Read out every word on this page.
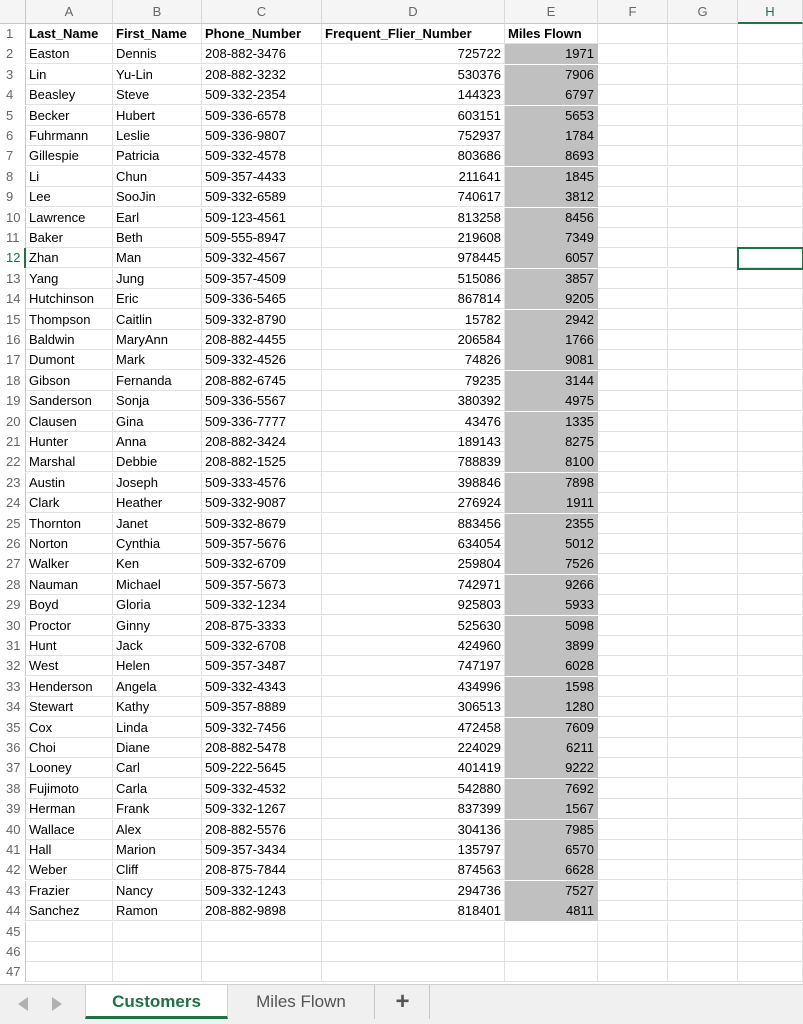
A	B	C	D	E	F	G	H
1	Last_Name	First_Name	Phone_Number	Frequent_Flier_Number	Miles Flown
2	Easton	Dennis	208-882-3476	725722	1971
3	Lin	Yu-Lin	208-882-3232	530376	7906
4	Beasley	Steve	509-332-2354	144323	6797
5	Becker	Hubert	509-336-6578	603151	5653
6	Fuhrmann	Leslie	509-336-9807	752937	1784
7	Gillespie	Patricia	509-332-4578	803686	8693
8	Li	Chun	509-357-4433	211641	1845
9	Lee	SooJin	509-332-6589	740617	3812
10 Lawrence	Earl	509-123-4561	813258	8456
11 Baker	Beth	509-555-8947	219608	7349
12 Zhan	Man	509-332-4567	978445	6057
13 Yang	Jung	509-357-4509	515086	3857
14 Hutchinson	Eric	509-336-5465	867814	9205
15 Thompson	Caitlin	509-332-8790	15782	2942
16 Baldwin	MaryAnn	208-882-4455	206584	1766
17 Dumont	Mark	509-332-4526	74826	9081
18 Gibson	Fernanda	208-882-6745	79235	3144
19 Sanderson	Sonja	509-336-5567	380392	4975
20 Clausen	Gina	509-336-7777	43476	1335
21 Hunter	Anna	208-882-3424	189143	8275
22 Marshal	Debbie	208-882-1525	788839	8100
23 Austin	Joseph	509-333-4576	398846	7898
24 Clark	Heather	509-332-9087	276924	1911
25 Thornton	Janet	509-332-8679	883456	2355
26 Norton	Cynthia	509-357-5676	634054	5012
27 Walker	Ken	509-332-6709	259804	7526
28 Nauman	Michael	509-357-5673	742971	9266
29 Boyd	Gloria	509-332-1234	925803	5933
30 Proctor	Ginny	208-875-3333	525630	5098
31 Hunt	Jack	509-332-6708	424960	3899
32 West	Helen	509-357-3487	747197	6028
33 Henderson	Angela	509-332-4343	434996	1598
34 Stewart	Kathy	509-357-8889	306513	1280
35 Cox	Linda	509-332-7456	472458	7609
36 Choi	Diane	208-882-5478	224029	6211
37 Looney	Carl	509-222-5645	401419	9222
38 Fujimoto	Carla	509-332-4532	542880	7692
39 Herman	Frank	509-332-1267	837399	1567
40 Wallace	Alex	208-882-5576	304136	7985
41 Hall	Marion	509-357-3434	135797	6570
42 Weber	Cliff	208-875-7844	874563	6628
43 Frazier	Nancy	509-332-1243	294736	7527
44 Sanchez	Ramon	208-882-9898	818401	4811
45
46
47
Customers	Miles Flown	+
